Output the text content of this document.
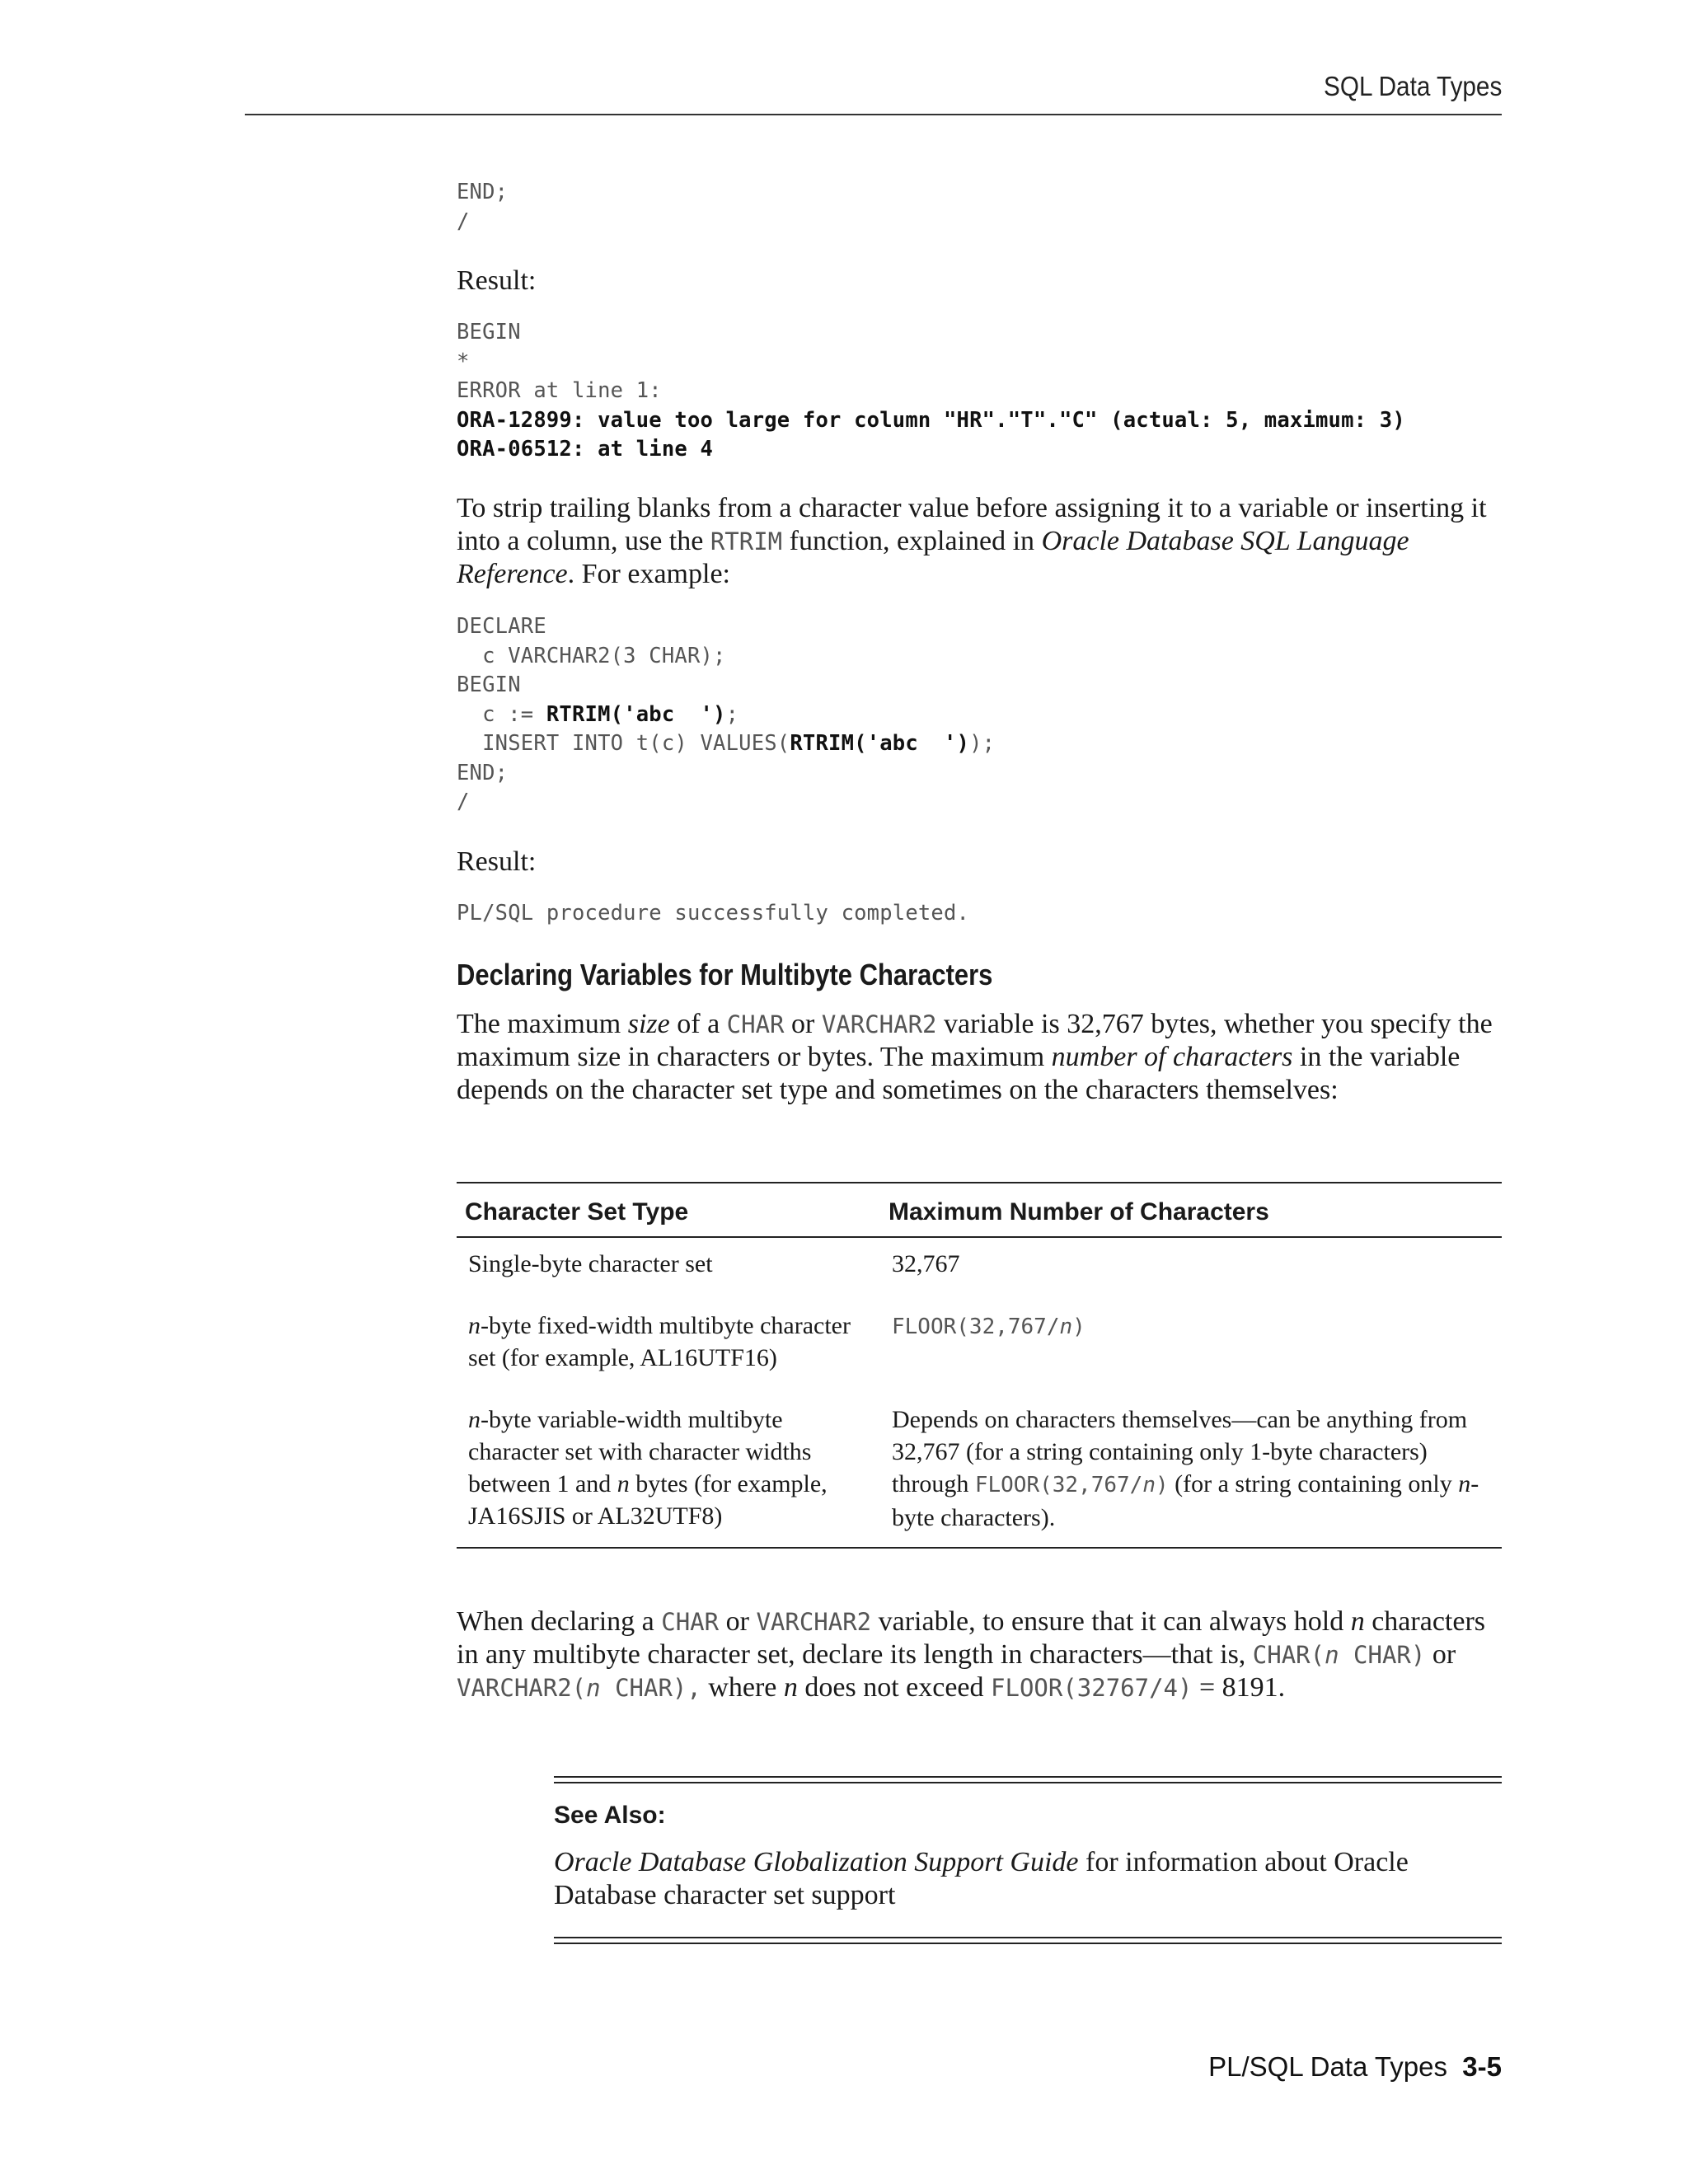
SQL Data Types
END;
/

Result:

BEGIN
*
ERROR at line 1:
ORA-12899: value too large for column "HR"."T"."C" (actual: 5, maximum: 3)
ORA-06512: at line 4

To strip trailing blanks from a character value before assigning it to a variable or inserting it into a column, use the RTRIM function, explained in Oracle Database SQL Language Reference. For example:

DECLARE
c VARCHAR2(3 CHAR);
BEGIN
c := RTRIM('abc  ');
INSERT INTO t(c) VALUES(RTRIM('abc  '));
END;
/

Result:

PL/SQL procedure successfully completed.
Declaring Variables for Multibyte Characters

The maximum size of a CHAR or VARCHAR2 variable is 32,767 bytes, whether you specify the maximum size in characters or bytes. The maximum number of characters in the variable depends on the character set type and sometimes on the characters themselves:

Character Set Type	Maximum Number of Characters
Single-byte character set	32,767
n-byte fixed-width multibyte character set (for example, AL16UTF16)	FLOOR(32,767/n)
n-byte variable-width multibyte character set with character widths between 1 and n bytes (for example, JA16SJIS or AL32UTF8)	Depends on characters themselves—can be anything from 32,767 (for a string containing only 1-byte characters) through FLOOR(32,767/n) (for a string containing only n-byte characters).

When declaring a CHAR or VARCHAR2 variable, to ensure that it can always hold n characters in any multibyte character set, declare its length in characters—that is, CHAR(n CHAR) or VARCHAR2(n CHAR), where n does not exceed FLOOR(32767/4) = 8191.

See Also:

Oracle Database Globalization Support Guide for information about Oracle Database character set support

PL/SQL Data Types 3-5
